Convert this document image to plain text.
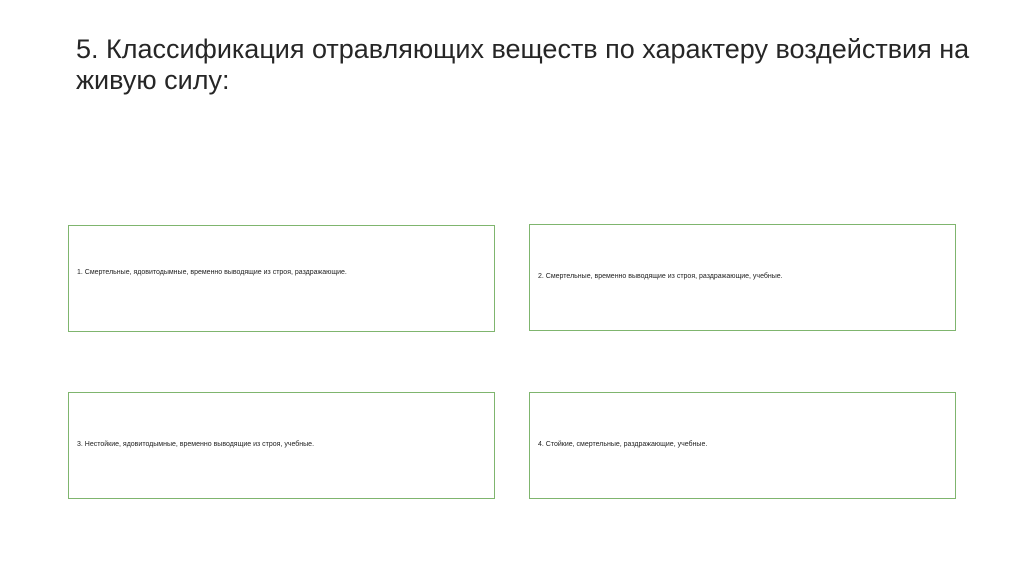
5. Классификация отравляющих веществ по характеру воздействия на живую силу:
1. Смертельные, ядовитодымные, временно выводящие из строя, раздражающие.
2. Смертельные, временно выводящие из строя, раздражающие, учебные.
3. Нестойкие, ядовитодымные, временно выводящие из строя, учебные.	4. Стойкие, смертельные, раздражающие, учебные.
